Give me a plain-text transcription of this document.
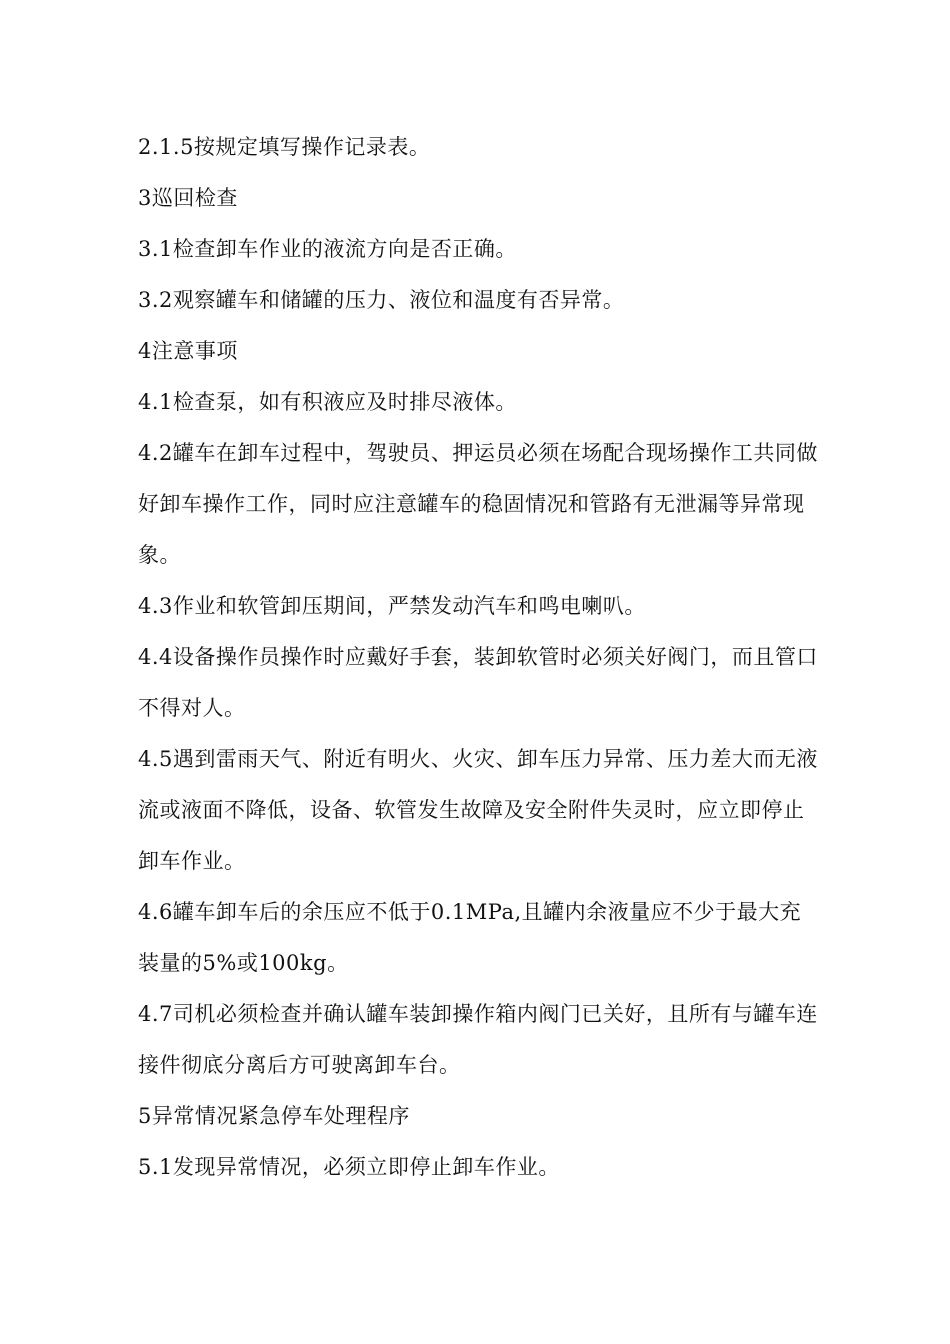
2.1.5按规定填写操作记录表。

3巡回检查

3.1检查卸车作业的液流方向是否正确。

3.2观察罐车和储罐的压力、液位和温度有否异常。

4注意事项

4.1检查泵，如有积液应及时排尽液体。

4.2罐车在卸车过程中，驾驶员、押运员必须在场配合现场操作工共同做好卸车操作工作，同时应注意罐车的稳固情况和管路有无泄漏等异常现象。

4.3作业和软管卸压期间，严禁发动汽车和鸣电喇叭。

4.4设备操作员操作时应戴好手套，装卸软管时必须关好阀门，而且管口不得对人。

4.5遇到雷雨天气、附近有明火、火灾、卸车压力异常、压力差大而无液流或液面不降低，设备、软管发生故障及安全附件失灵时，应立即停止卸车作业。

4.6罐车卸车后的余压应不低于0.1MPa,且罐内余液量应不少于最大充装量的5%或100kg。

4.7司机必须检查并确认罐车装卸操作箱内阀门已关好，且所有与罐车连接件彻底分离后方可驶离卸车台。

5异常情况紧急停车处理程序

5.1发现异常情况，必须立即停止卸车作业。
